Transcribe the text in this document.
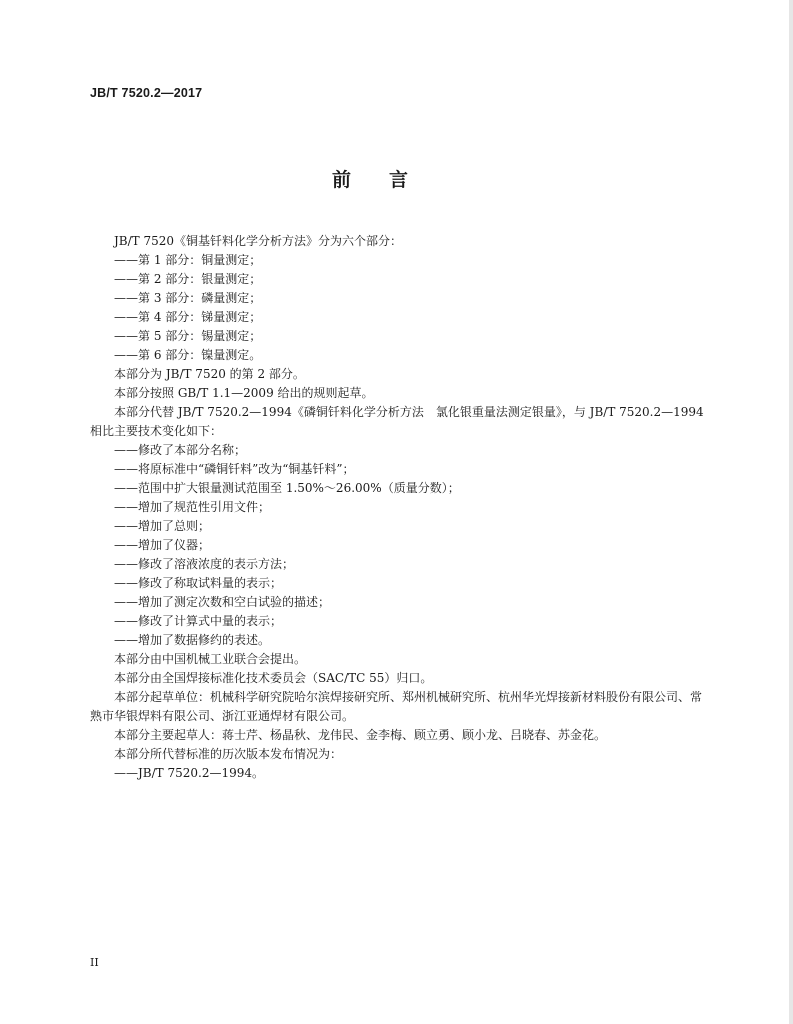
JB/T 7520.2—2017
前　　言

JB/T 7520《铜基钎料化学分析方法》分为六个部分：

——第 1 部分：铜量测定；

——第 2 部分：银量测定；

——第 3 部分：磷量测定；

——第 4 部分：锑量测定；

——第 5 部分：锡量测定；

——第 6 部分：镍量测定。

本部分为 JB/T 7520 的第 2 部分。

本部分按照 GB/T 1.1—2009 给出的规则起草。

本部分代替 JB/T 7520.2—1994《磷铜钎料化学分析方法　氯化银重量法测定银量》，与 JB/T 7520.2—1994 相比主要技术变化如下：

——修改了本部分名称；

——将原标准中“磷铜钎料”改为“铜基钎料”；

——范围中扩大银量测试范围至 1.50%～26.00%（质量分数）；

——增加了规范性引用文件；

——增加了总则；

——增加了仪器；

——修改了溶液浓度的表示方法；

——修改了称取试料量的表示；

——增加了测定次数和空白试验的描述；

——修改了计算式中量的表示；

——增加了数据修约的表述。

本部分由中国机械工业联合会提出。

本部分由全国焊接标准化技术委员会（SAC/TC 55）归口。

本部分起草单位：机械科学研究院哈尔滨焊接研究所、郑州机械研究所、杭州华光焊接新材料股份有限公司、常熟市华银焊料有限公司、浙江亚通焊材有限公司。

本部分主要起草人：蒋士芹、杨晶秋、龙伟民、金李梅、顾立勇、顾小龙、吕晓春、苏金花。

本部分所代替标准的历次版本发布情况为：

——JB/T 7520.2—1994。

II
